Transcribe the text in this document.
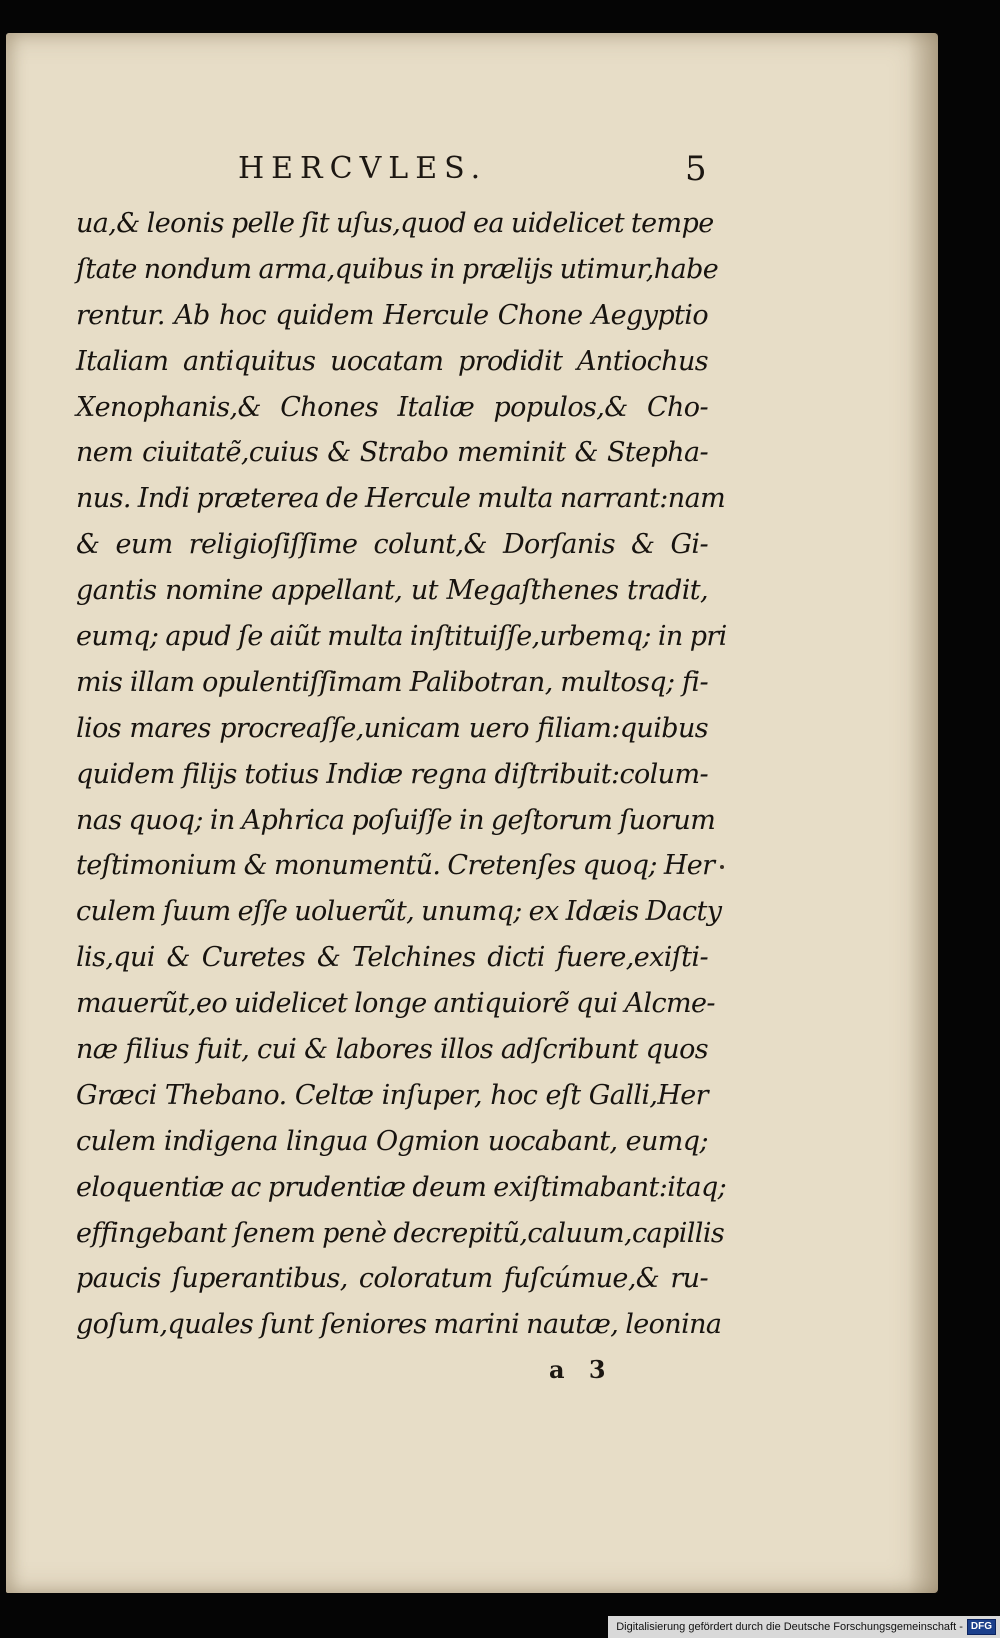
HERCVLES.	5
ua,& leonis pelle ſit uſus,quod ea uidelicet tempe
ſtate nondum arma,quibus in prælijs utimur,habe
rentur. Ab hoc quidem Hercule Chone Aegyptio
Italiam antiquitus uocatam prodidit Antiochus
Xenophanis,& Chones Italiæ populos,& Cho-
nem ciuitatẽ,cuius & Strabo meminit & Stepha-
nus. Indi præterea de Hercule multa narrant:nam
& eum religioſiſſime colunt,& Dorſanis & Gi-
gantis nomine appellant, ut Megaſthenes tradit,
eumq; apud ſe aiũt multa inſtituiſſe,urbemq; in pri
mis illam opulentiſſimam Palibotran, multosq; fi-
lios mares procreaſſe,unicam uero filiam:quibus
quidem filijs totius Indiæ regna diſtribuit:colum-
nas quoq; in Aphrica poſuiſſe in geſtorum ſuorum
teſtimonium & monumentũ. Cretenſes quoq; Her
culem ſuum eſſe uoluerũt, unumq; ex Idæis Dacty
lis,qui & Curetes & Telchines dicti fuere,exiſti-
mauerũt,eo uidelicet longe antiquiorẽ qui Alcme-
næ filius fuit, cui & labores illos adſcribunt quos
Græci Thebano. Celtæ inſuper, hoc eſt Galli,Her
culem indigena lingua Ogmion uocabant, eumq;
eloquentiæ ac prudentiæ deum exiſtimabant:itaq;
effingebant ſenem penè decrepitũ,caluum,capillis
paucis ſuperantibus, coloratum fuſcúmue,& ru-
goſum,quales ſunt ſeniores marini nautæ, leonina
a 3
Digitalisierung gefördert durch die Deutsche Forschungsgemeinschaft - DFG
